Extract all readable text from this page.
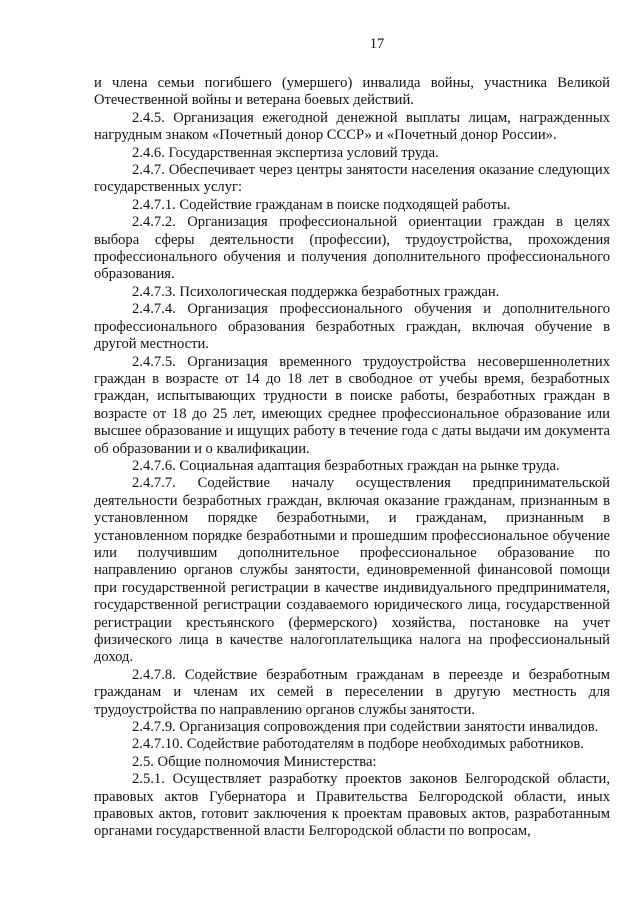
17

и члена семьи погибшего (умершего) инвалида войны, участника Великой Отечественной войны и ветерана боевых действий.

2.4.5. Организация ежегодной денежной выплаты лицам, награжденных нагрудным знаком «Почетный донор СССР» и «Почетный донор России».

2.4.6. Государственная экспертиза условий труда.

2.4.7. Обеспечивает через центры занятости населения оказание следующих государственных услуг:

2.4.7.1. Содействие гражданам в поиске подходящей работы.

2.4.7.2. Организация профессиональной ориентации граждан в целях выбора сферы деятельности (профессии), трудоустройства, прохождения профессионального обучения и получения дополнительного профессионального образования.

2.4.7.3. Психологическая поддержка безработных граждан.

2.4.7.4. Организация профессионального обучения и дополнительного профессионального образования безработных граждан, включая обучение в другой местности.

2.4.7.5. Организация временного трудоустройства несовершеннолетних граждан в возрасте от 14 до 18 лет в свободное от учебы время, безработных граждан, испытывающих трудности в поиске работы, безработных граждан в возрасте от 18 до 25 лет, имеющих среднее профессиональное образование или высшее образование и ищущих работу в течение года с даты выдачи им документа об образовании и о квалификации.

2.4.7.6. Социальная адаптация безработных граждан на рынке труда.

2.4.7.7. Содействие началу осуществления предпринимательской деятельности безработных граждан, включая оказание гражданам, признанным в установленном порядке безработными, и гражданам, признанным в установленном порядке безработными и прошедшим профессиональное обучение или получившим дополнительное профессиональное образование по направлению органов службы занятости, единовременной финансовой помощи при государственной регистрации в качестве индивидуального предпринимателя, государственной регистрации создаваемого юридического лица, государственной регистрации крестьянского (фермерского) хозяйства, постановке на учет физического лица в качестве налогоплательщика налога на профессиональный доход.

2.4.7.8. Содействие безработным гражданам в переезде и безработным гражданам и членам их семей в переселении в другую местность для трудоустройства по направлению органов службы занятости.

2.4.7.9. Организация сопровождения при содействии занятости инвалидов.

2.4.7.10. Содействие работодателям в подборе необходимых работников.

2.5. Общие полномочия Министерства:

2.5.1. Осуществляет разработку проектов законов Белгородской области, правовых актов Губернатора и Правительства Белгородской области, иных правовых актов, готовит заключения к проектам правовых актов, разработанным органами государственной власти Белгородской области по вопросам,
